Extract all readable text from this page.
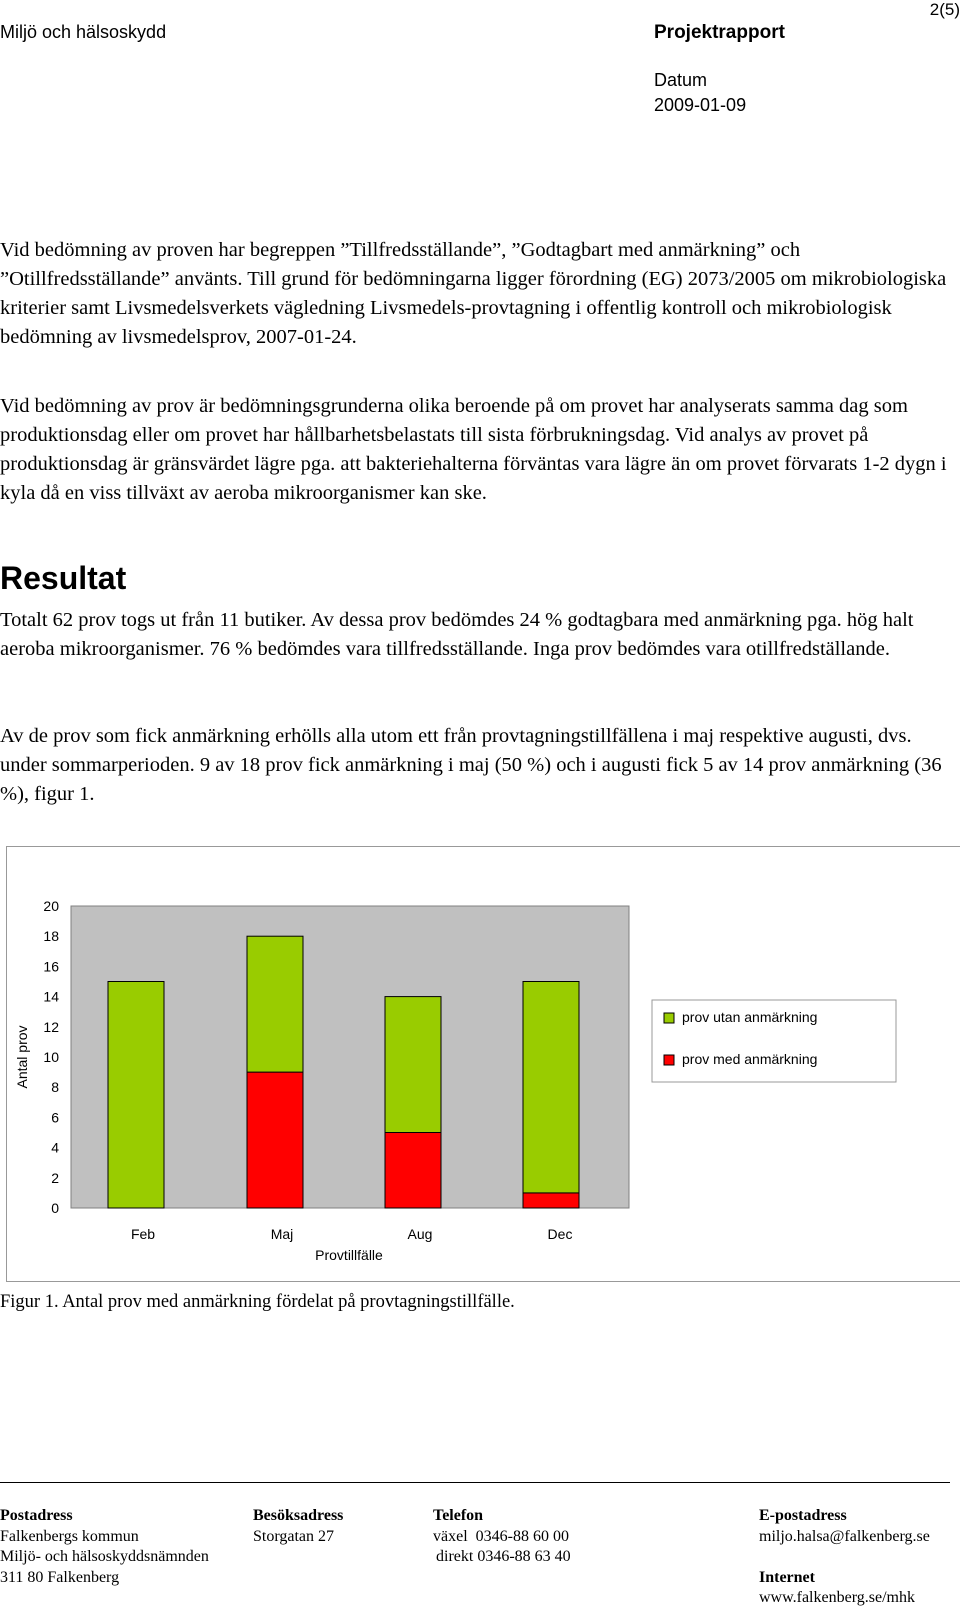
Miljö och hälsoskydd	Projektrapport
2(5)
Datum
2009-01-09

Vid bedömning av proven har begreppen ”Tillfredsställande”, ”Godtagbart med anmärkning” och ”Otillfredsställande” använts. Till grund för bedömningarna ligger förordning (EG) 2073/2005 om mikrobiologiska kriterier samt Livsmedelsverkets vägledning Livsmedels-provtagning i offentlig kontroll och mikrobiologisk bedömning av livsmedelsprov, 2007-01-24.

Vid bedömning av prov är bedömningsgrunderna olika beroende på om provet har analyserats samma dag som produktionsdag eller om provet har hållbarhetsbelastats till sista förbrukningsdag. Vid analys av provet på produktionsdag är gränsvärdet lägre pga. att bakteriehalterna förväntas vara lägre än om provet förvarats 1-2 dygn i kyla då en viss tillväxt av aeroba mikroorganismer kan ske.

Resultat

Totalt 62 prov togs ut från 11 butiker. Av dessa prov bedömdes 24 % godtagbara med anmärkning pga. hög halt aeroba mikroorganismer. 76 % bedömdes vara tillfredsställande. Inga prov bedömdes vara otillfredställande.

Av de prov som fick anmärkning erhölls alla utom ett från provtagningstillfällena i maj respektive augusti, dvs. under sommarperioden. 9 av 18 prov fick anmärkning i maj (50 %) och i augusti fick 5 av 14 prov anmärkning (36 %), figur 1.

0
2
4
6
8
10
12
14
16
18
20
Antal prov
Feb	Maj	Aug	Dec
Provtillfälle
prov utan anmärkning
prov med anmärkning
Figur 1. Antal prov med anmärkning fördelat på provtagningstillfälle.
Postadress
Falkenbergs kommun
Miljö- och hälsoskyddsnämnden
311 80 Falkenberg
Besöksadress
Storgatan 27
Telefon
växel  0346-88 60 00
direkt 0346-88 63 40
E-postadress
miljo.halsa@falkenberg.se
Internet
www.falkenberg.se/mhk
